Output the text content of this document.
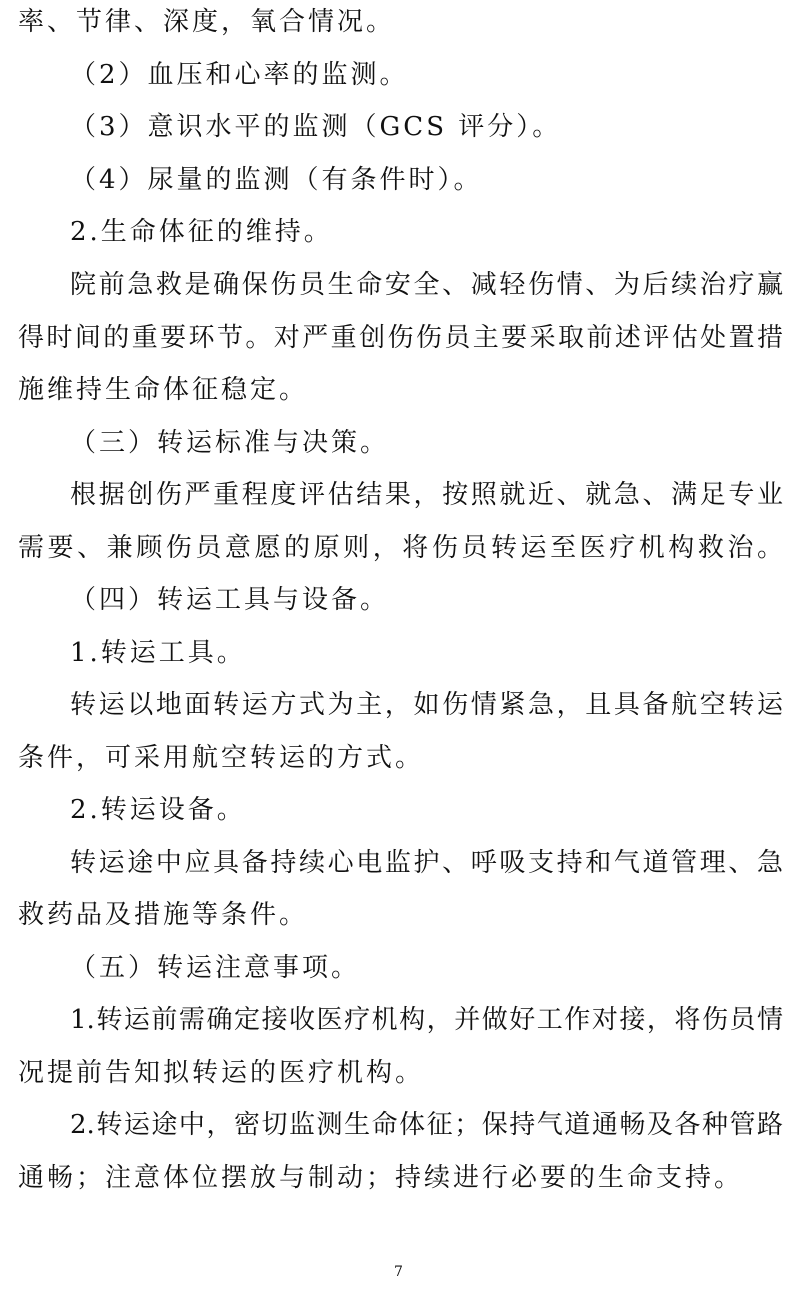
率、节律、深度，氧合情况。
（2）血压和心率的监测。
（3）意识水平的监测（GCS 评分）。
（4）尿量的监测（有条件时）。
2.生命体征的维持。
院前急救是确保伤员生命安全、减轻伤情、为后续治疗赢
得时间的重要环节。对严重创伤伤员主要采取前述评估处置措
施维持生命体征稳定。
（三）转运标准与决策。
根据创伤严重程度评估结果，按照就近、就急、满足专业
需要、兼顾伤员意愿的原则，将伤员转运至医疗机构救治。
（四）转运工具与设备。
1.转运工具。
转运以地面转运方式为主，如伤情紧急，且具备航空转运
条件，可采用航空转运的方式。
2.转运设备。
转运途中应具备持续心电监护、呼吸支持和气道管理、急
救药品及措施等条件。
（五）转运注意事项。
1.转运前需确定接收医疗机构，并做好工作对接，将伤员情
况提前告知拟转运的医疗机构。
2.转运途中，密切监测生命体征；保持气道通畅及各种管路
通畅；注意体位摆放与制动；持续进行必要的生命支持。
7
